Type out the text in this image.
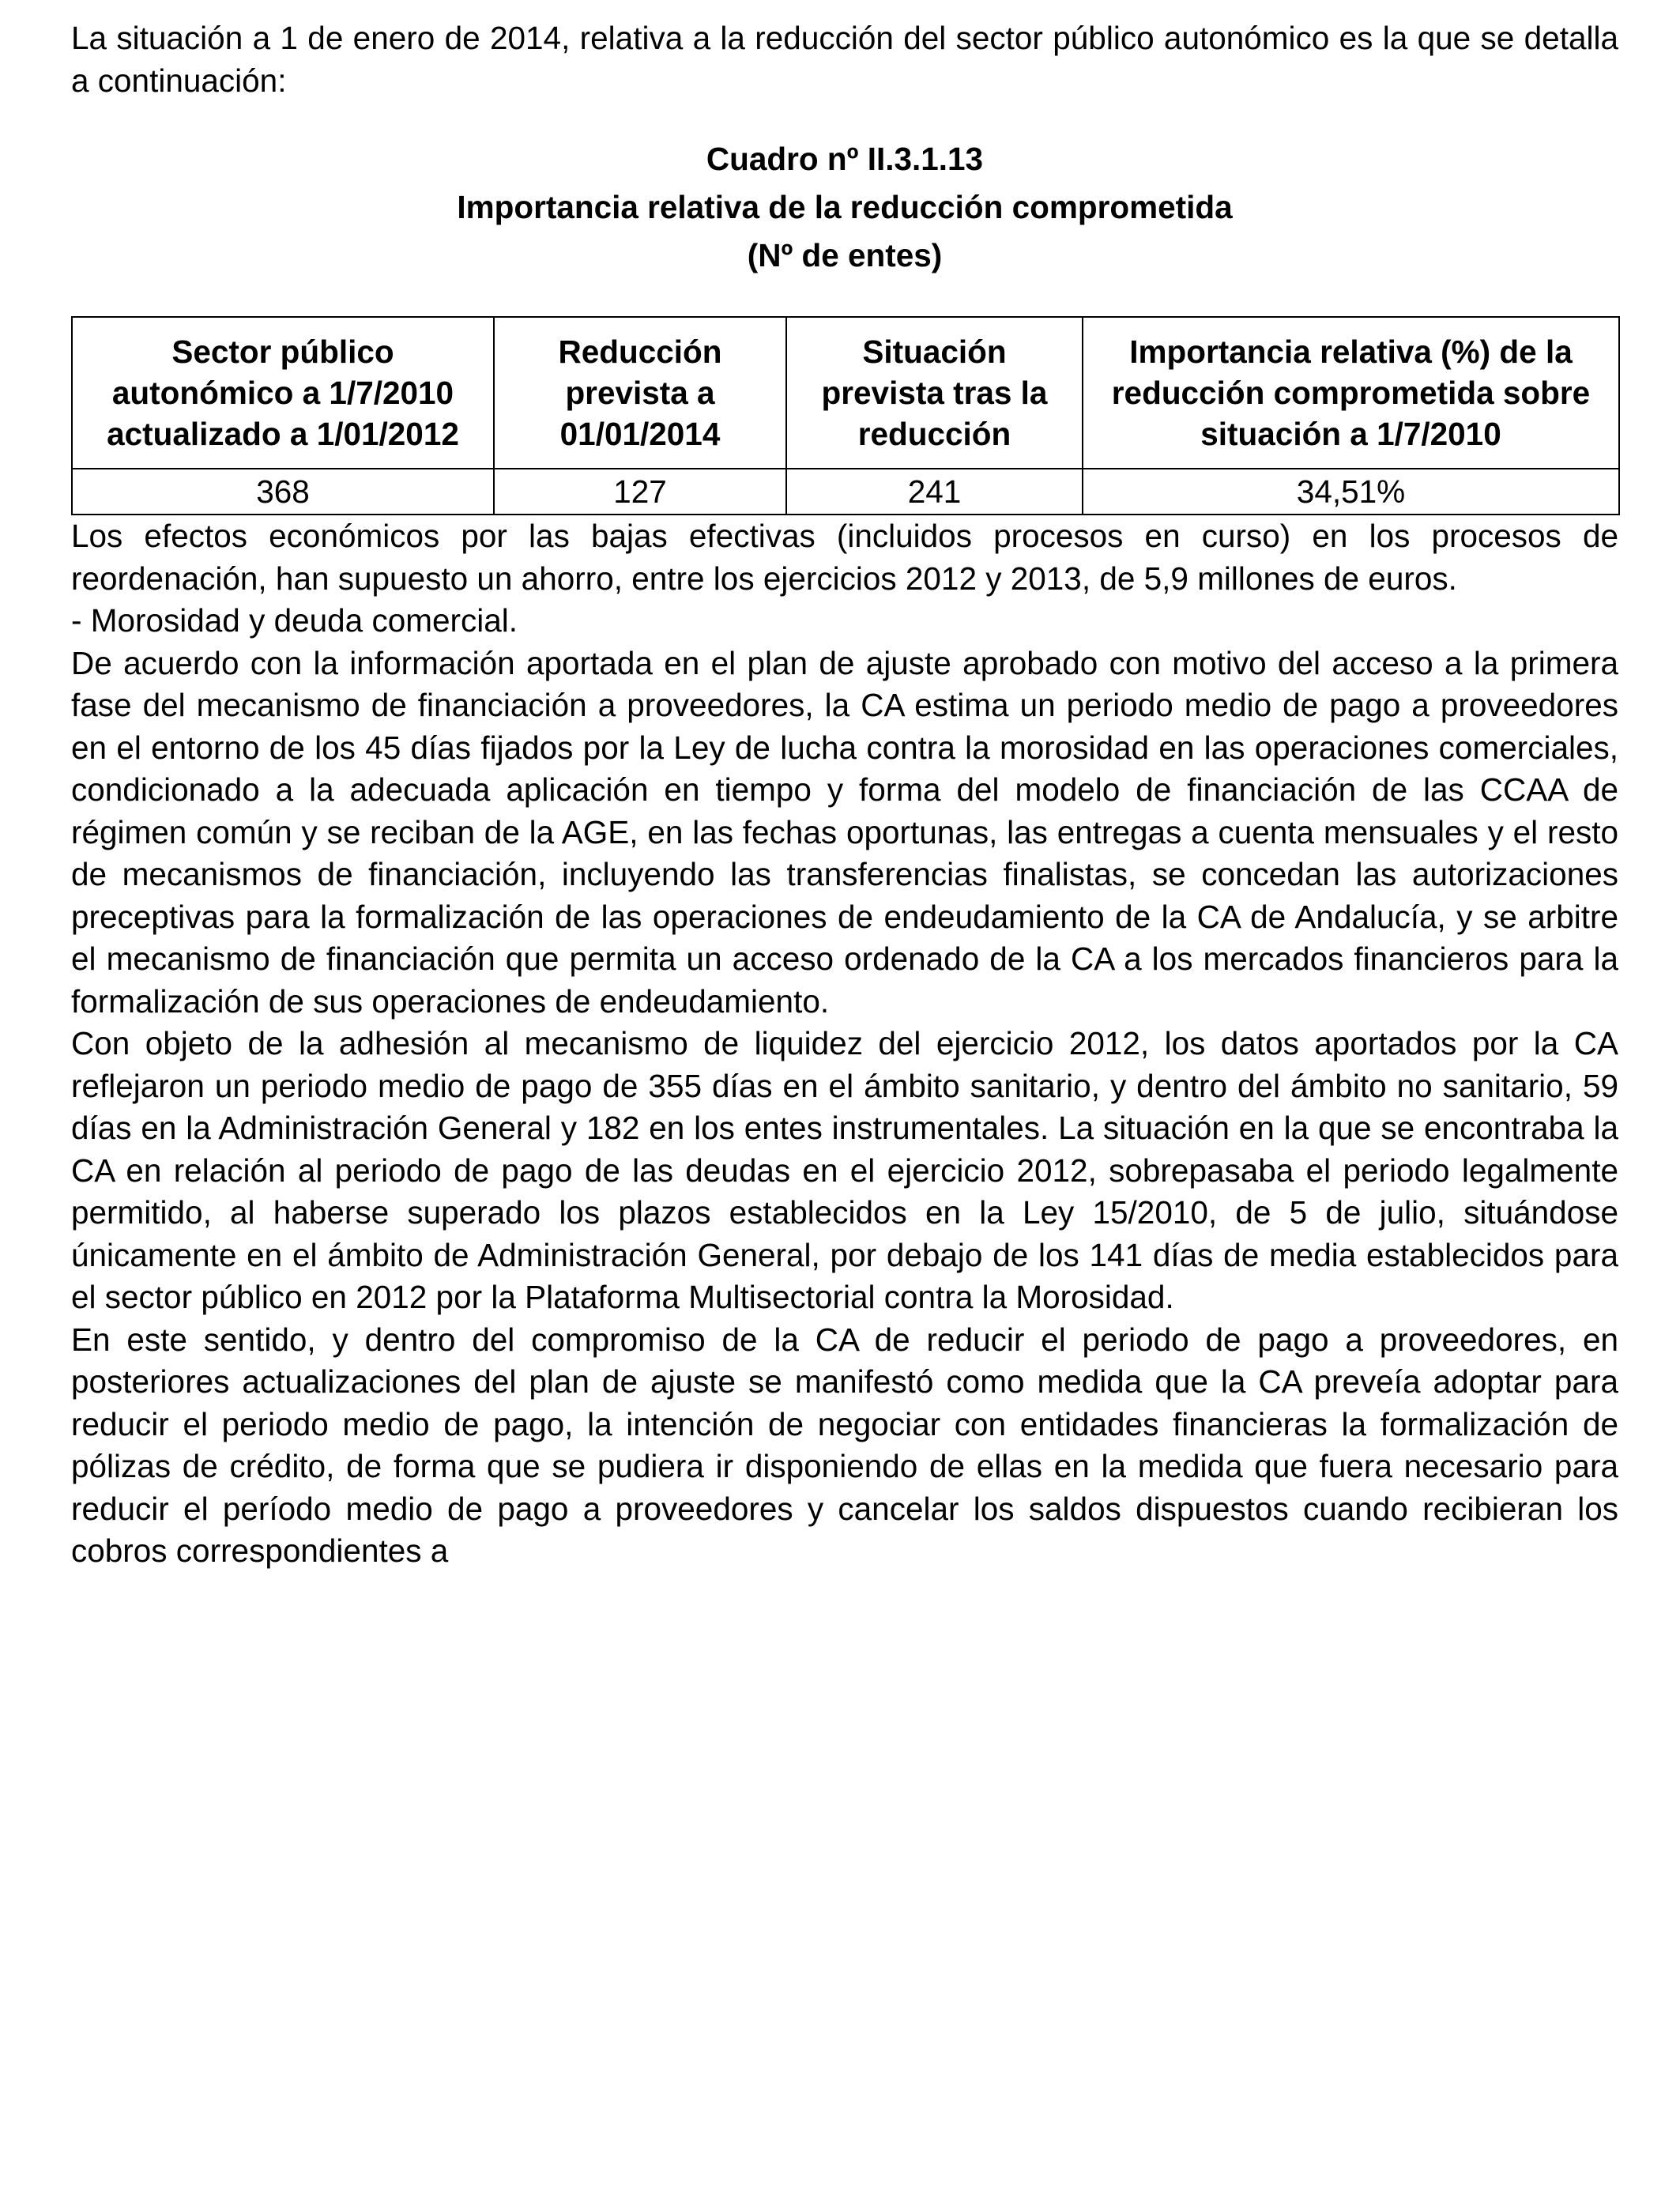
La situación a 1 de enero de 2014, relativa a la reducción del sector público autonómico es la que se detalla a continuación:

Cuadro nº II.3.1.13
Importancia relativa de la reducción comprometida
(Nº de entes)
Sector público autonómico a 1/7/2010 actualizado a 1/01/2012	Reducción prevista a 01/01/2014	Situación prevista tras la reducción	Importancia relativa (%) de la reducción comprometida sobre situación a 1/7/2010
368	127	241	34,51%

Los efectos económicos por las bajas efectivas (incluidos procesos en curso) en los procesos de reordenación, han supuesto un ahorro, entre los ejercicios 2012 y 2013, de 5,9 millones de euros.

- Morosidad y deuda comercial.

De acuerdo con la información aportada en el plan de ajuste aprobado con motivo del acceso a la primera fase del mecanismo de financiación a proveedores, la CA estima un periodo medio de pago a proveedores en el entorno de los 45 días fijados por la Ley de lucha contra la morosidad en las operaciones comerciales, condicionado a la adecuada aplicación en tiempo y forma del modelo de financiación de las CCAA de régimen común y se reciban de la AGE, en las fechas oportunas, las entregas a cuenta mensuales y el resto de mecanismos de financiación, incluyendo las transferencias finalistas, se concedan las autorizaciones preceptivas para la formalización de las operaciones de endeudamiento de la CA de Andalucía, y se arbitre el mecanismo de financiación que permita un acceso ordenado de la CA a los mercados financieros para la formalización de sus operaciones de endeudamiento.

Con objeto de la adhesión al mecanismo de liquidez del ejercicio 2012, los datos aportados por la CA reflejaron un periodo medio de pago de 355 días en el ámbito sanitario, y dentro del ámbito no sanitario, 59 días en la Administración General y 182 en los entes instrumentales. La situación en la que se encontraba la CA en relación al periodo de pago de las deudas en el ejercicio 2012, sobrepasaba el periodo legalmente permitido, al haberse superado los plazos establecidos en la Ley 15/2010, de 5 de julio, situándose únicamente en el ámbito de Administración General, por debajo de los 141 días de media establecidos para el sector público en 2012 por la Plataforma Multisectorial contra la Morosidad.

En este sentido, y dentro del compromiso de la CA de reducir el periodo de pago a proveedores, en posteriores actualizaciones del plan de ajuste se manifestó como medida que la CA preveía adoptar para reducir el periodo medio de pago, la intención de negociar con entidades financieras la formalización de pólizas de crédito, de forma que se pudiera ir disponiendo de ellas en la medida que fuera necesario para reducir el período medio de pago a proveedores y cancelar los saldos dispuestos cuando recibieran los cobros correspondientes a
